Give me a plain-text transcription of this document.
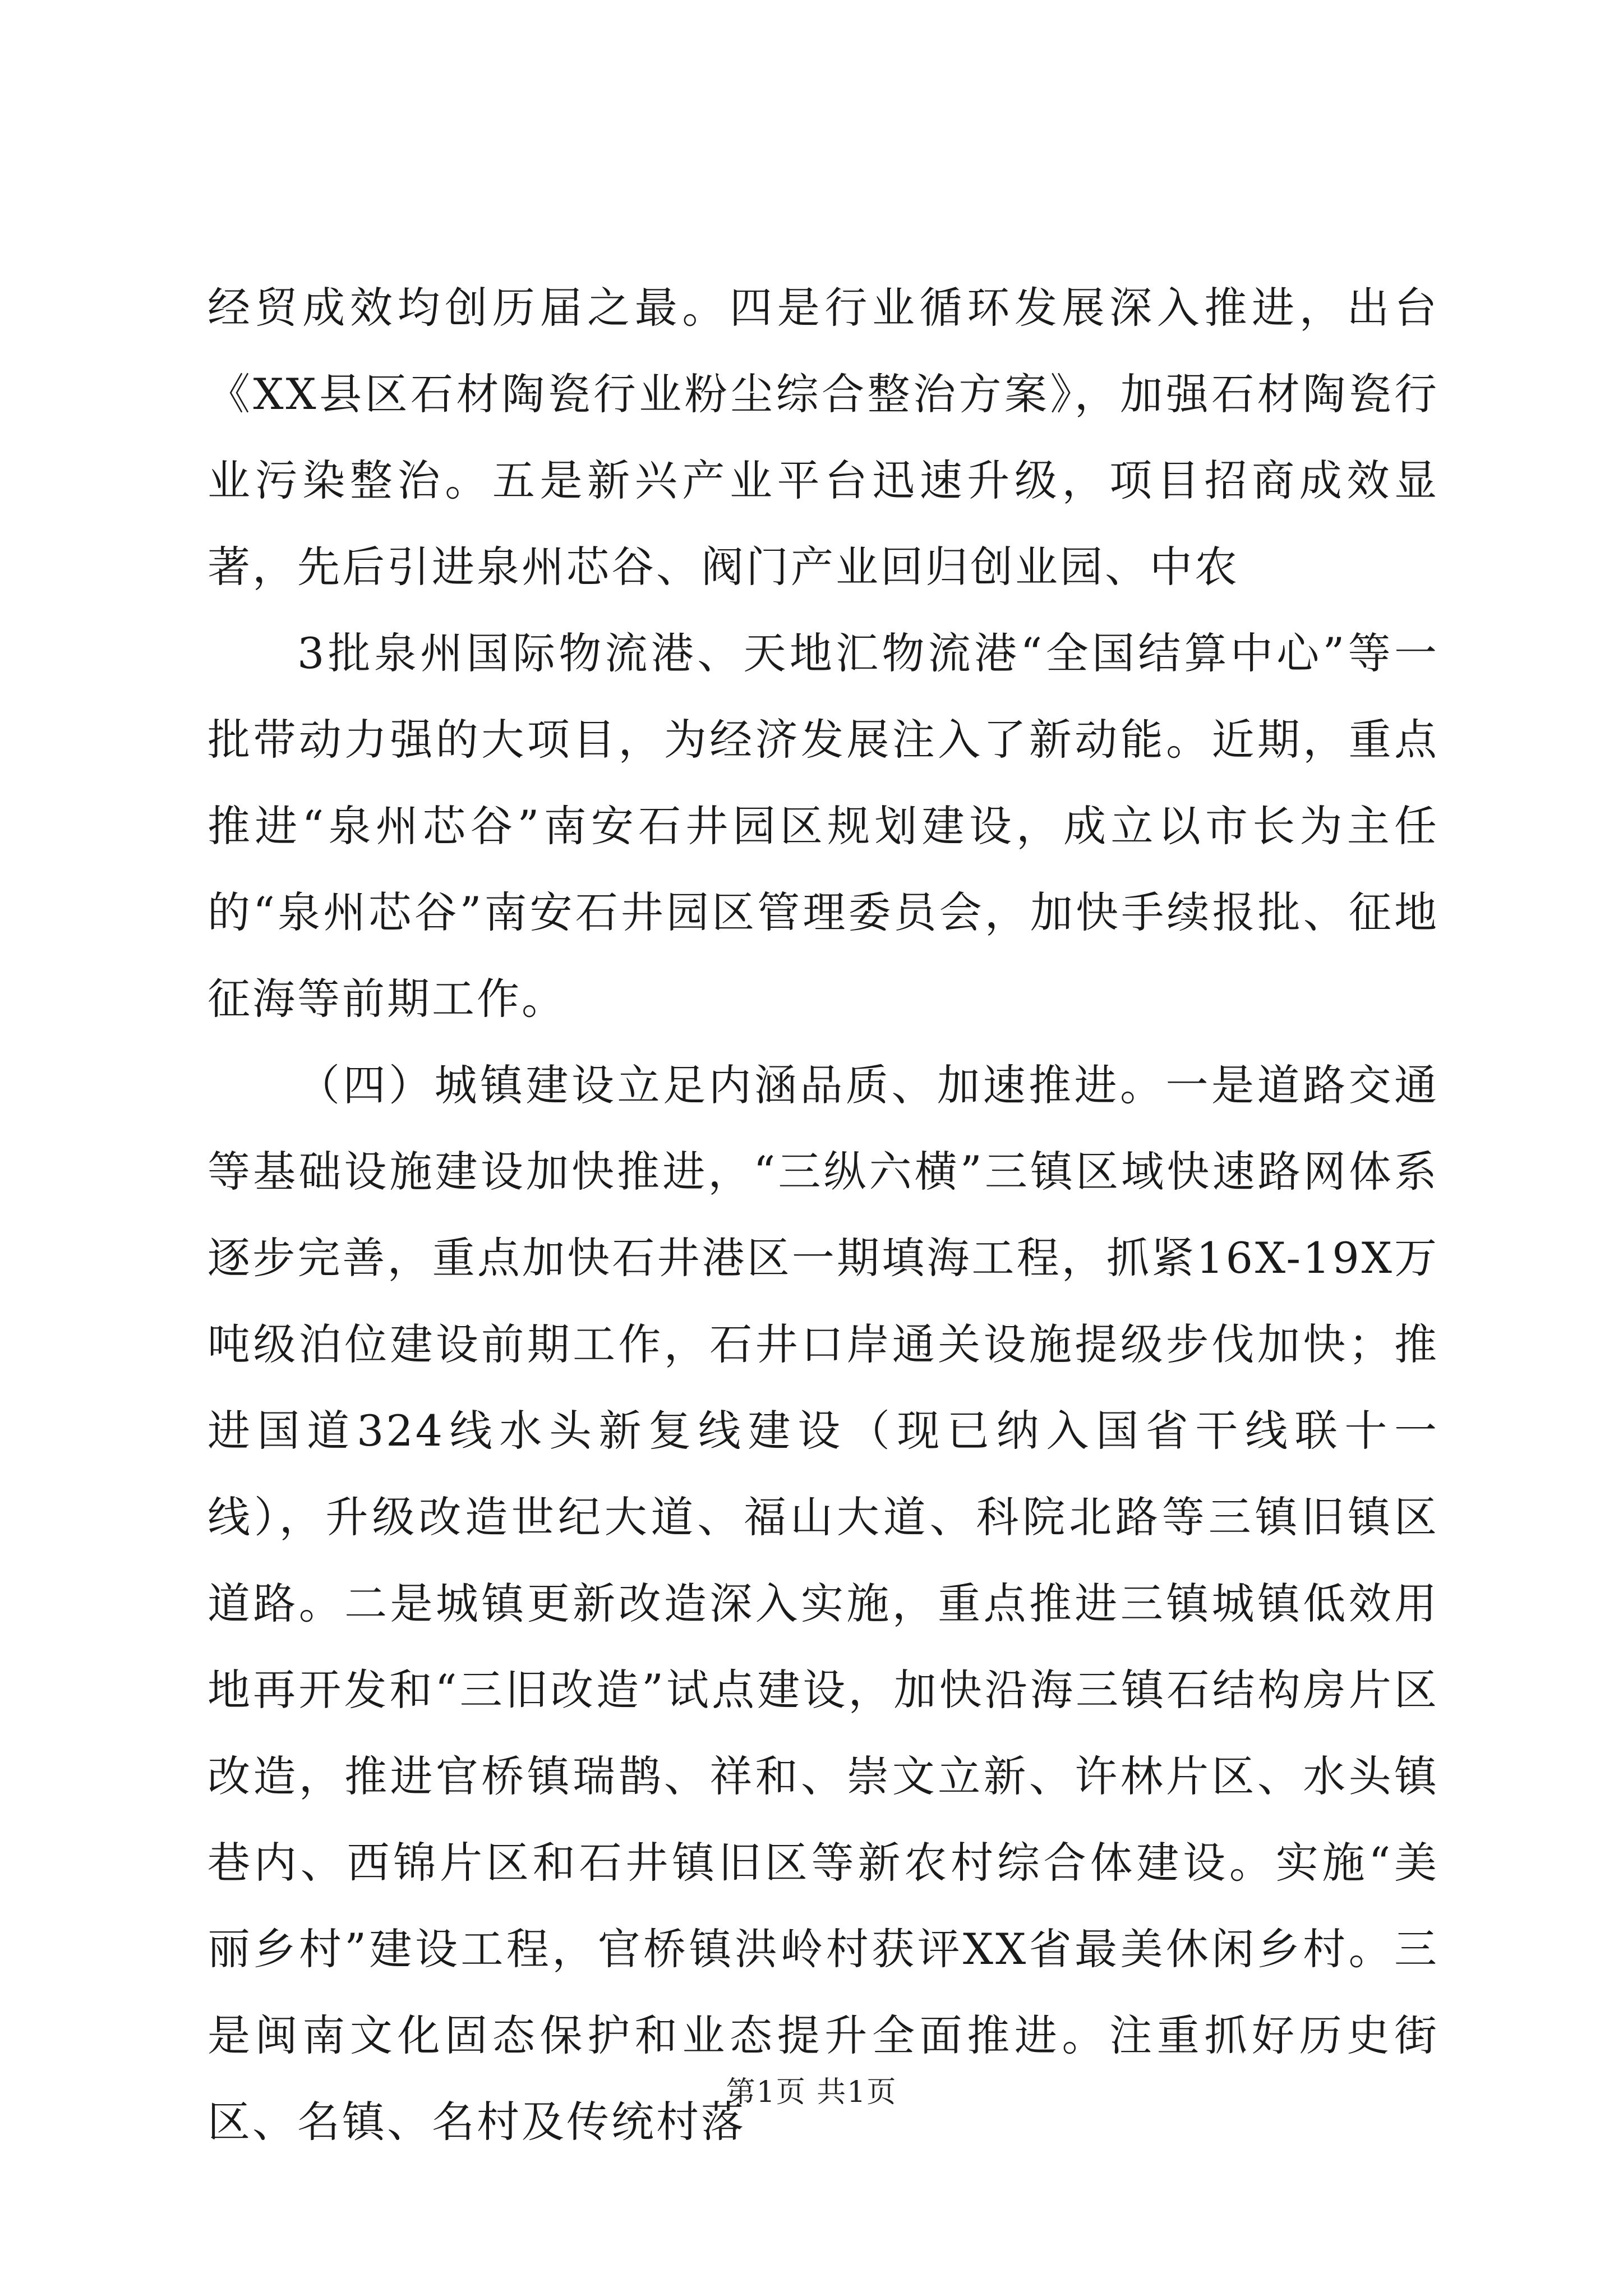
经贸成效均创历届之最。四是行业循环发展深入推进，出台《XX县区石材陶瓷行业粉尘综合整治方案》，加强石材陶瓷行业污染整治。五是新兴产业平台迅速升级，项目招商成效显著，先后引进泉州芯谷、阀门产业回归创业园、中农

3批泉州国际物流港、天地汇物流港“全国结算中心”等一批带动力强的大项目，为经济发展注入了新动能。近期，重点推进“泉州芯谷”南安石井园区规划建设，成立以市长为主任的“泉州芯谷”南安石井园区管理委员会，加快手续报批、征地征海等前期工作。

（四）城镇建设立足内涵品质、加速推进。一是道路交通等基础设施建设加快推进，“三纵六横”三镇区域快速路网体系逐步完善，重点加快石井港区一期填海工程，抓紧16X-19X万吨级泊位建设前期工作，石井口岸通关设施提级步伐加快；推进国道324线水头新复线建设（现已纳入国省干线联十一线），升级改造世纪大道、福山大道、科院北路等三镇旧镇区道路。二是城镇更新改造深入实施，重点推进三镇城镇低效用地再开发和“三旧改造”试点建设，加快沿海三镇石结构房片区改造，推进官桥镇瑞鹊、祥和、崇文立新、许林片区、水头镇巷内、西锦片区和石井镇旧区等新农村综合体建设。实施“美丽乡村”建设工程，官桥镇洪岭村获评XX省最美休闲乡村。三是闽南文化固态保护和业态提升全面推进。注重抓好历史街区、名镇、名村及传统村落

第1页 共1页
